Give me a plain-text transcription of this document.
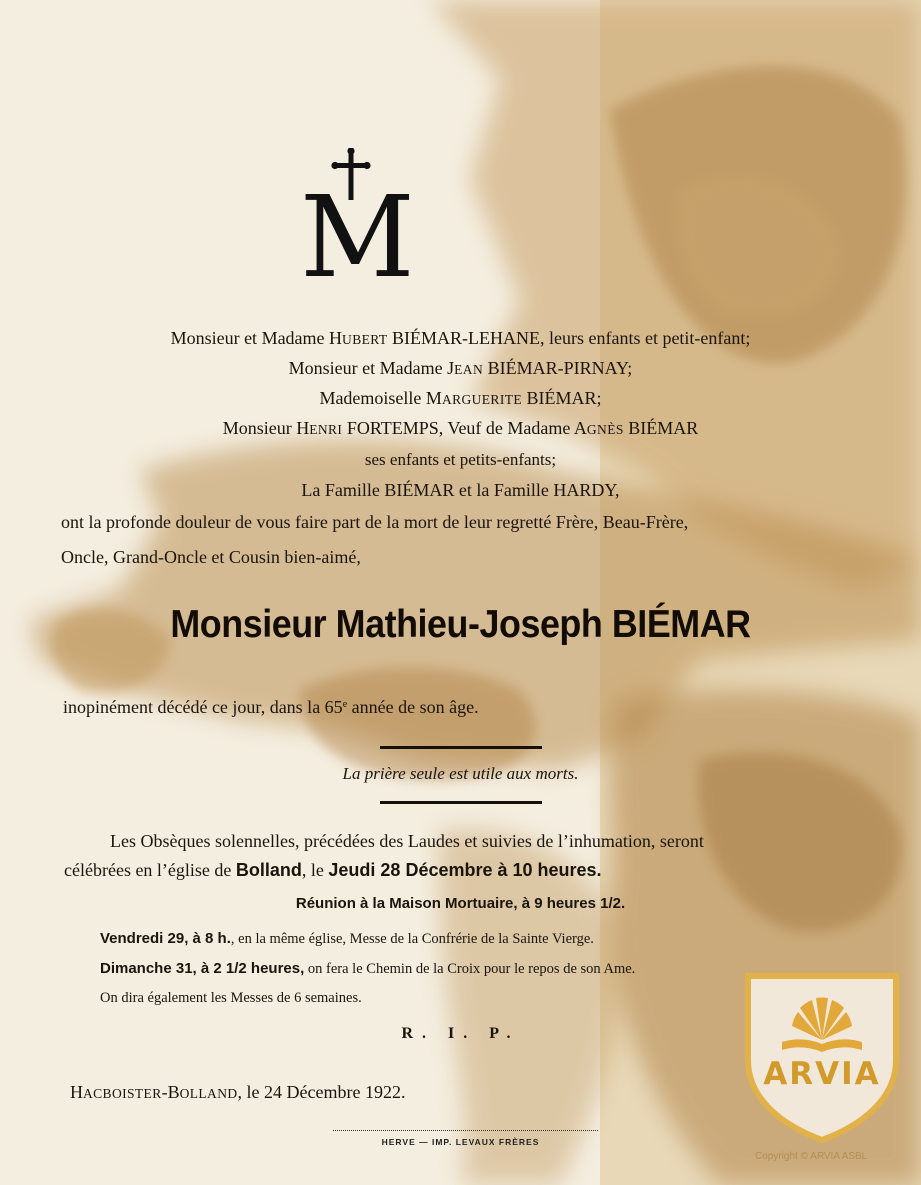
M
Monsieur et Madame HUBERT BIÉMAR-LEHANE, leurs enfants et petit-enfant;
Monsieur et Madame JEAN BIÉMAR-PIRNAY;
Mademoiselle MARGUERITE BIÉMAR;
Monsieur HENRI FORTEMPS, Veuf de Madame AGNÈS BIÉMAR
ses enfants et petits-enfants;
La Famille BIÉMAR et la Famille HARDY,
ont la profonde douleur de vous faire part de la mort de leur regretté Frère, Beau-Frère,
Oncle, Grand-Oncle et Cousin bien-aimé,
Monsieur Mathieu-Joseph BIÉMAR
inopinément décédé ce jour, dans la 65e année de son âge.
La prière seule est utile aux morts.
Les Obsèques solennelles, précédées des Laudes et suivies de l’inhumation, seront
célébrées en l’église de Bolland, le Jeudi 28 Décembre à 10 heures.
Réunion à la Maison Mortuaire, à 9 heures 1/2.
Vendredi 29, à 8 h., en la même église, Messe de la Confrérie de la Sainte Vierge.
Dimanche 31, à 2 1/2 heures, on fera le Chemin de la Croix pour le repos de son Ame.
On dira également les Messes de 6 semaines.
R. I. P.
HACBOISTER-BOLLAND, le 24 Décembre 1922.
HERVE — IMP. LEVAUX FRÈRES
ARVIA
Copyright © ARVIA ASBL
